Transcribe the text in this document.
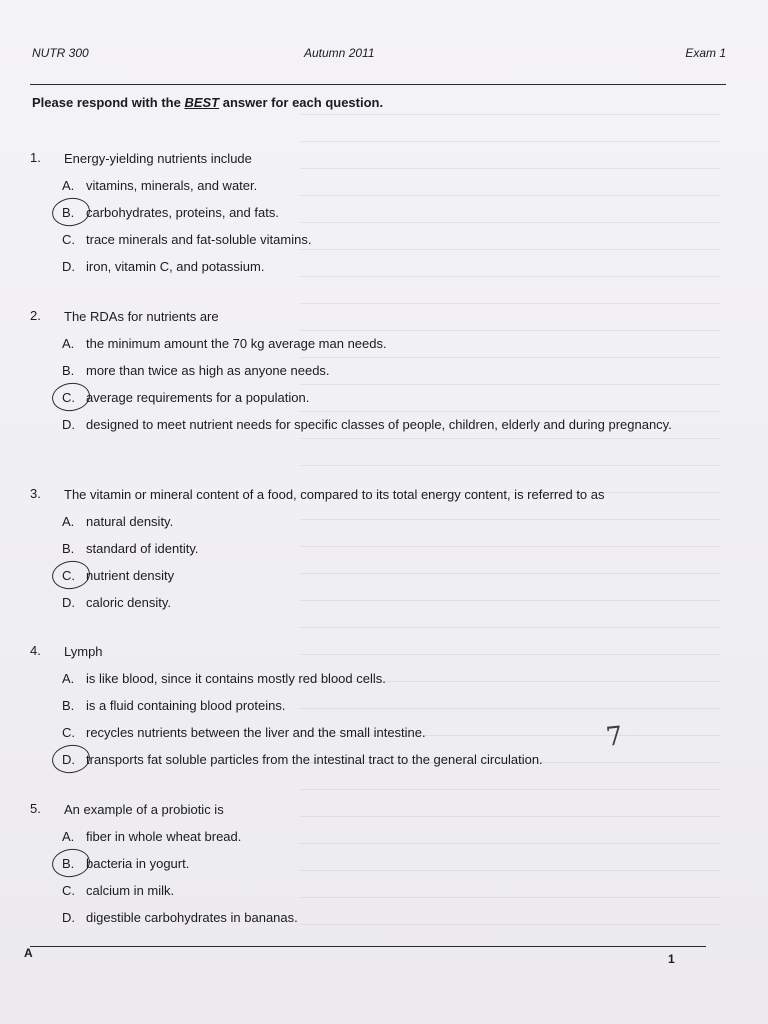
NUTR 300	Autumn 2011	Exam 1
Please respond with the BEST answer for each question.
1.	Energy-yielding nutrients include
A. vitamins, minerals, and water.
B. carbohydrates, proteins, and fats.
C. trace minerals and fat-soluble vitamins.
D. iron, vitamin C, and potassium.
2.	The RDAs for nutrients are
A. the minimum amount the 70 kg average man needs.
B. more than twice as high as anyone needs.
C. average requirements for a population.
D. designed to meet nutrient needs for specific classes of people, children, elderly and during pregnancy.
3.	The vitamin or mineral content of a food, compared to its total energy content, is referred to as
A. natural density.
B. standard of identity.
C. nutrient density
D. caloric density.
4.	Lymph
A. is like blood, since it contains mostly red blood cells.
B. is a fluid containing blood proteins.
C. recycles nutrients between the liver and the small intestine.
D. transports fat soluble particles from the intestinal tract to the general circulation.
7
5.	An example of a probiotic is
A. fiber in whole wheat bread.
B. bacteria in yogurt.
C. calcium in milk.
D. digestible carbohydrates in bananas.
A	1
